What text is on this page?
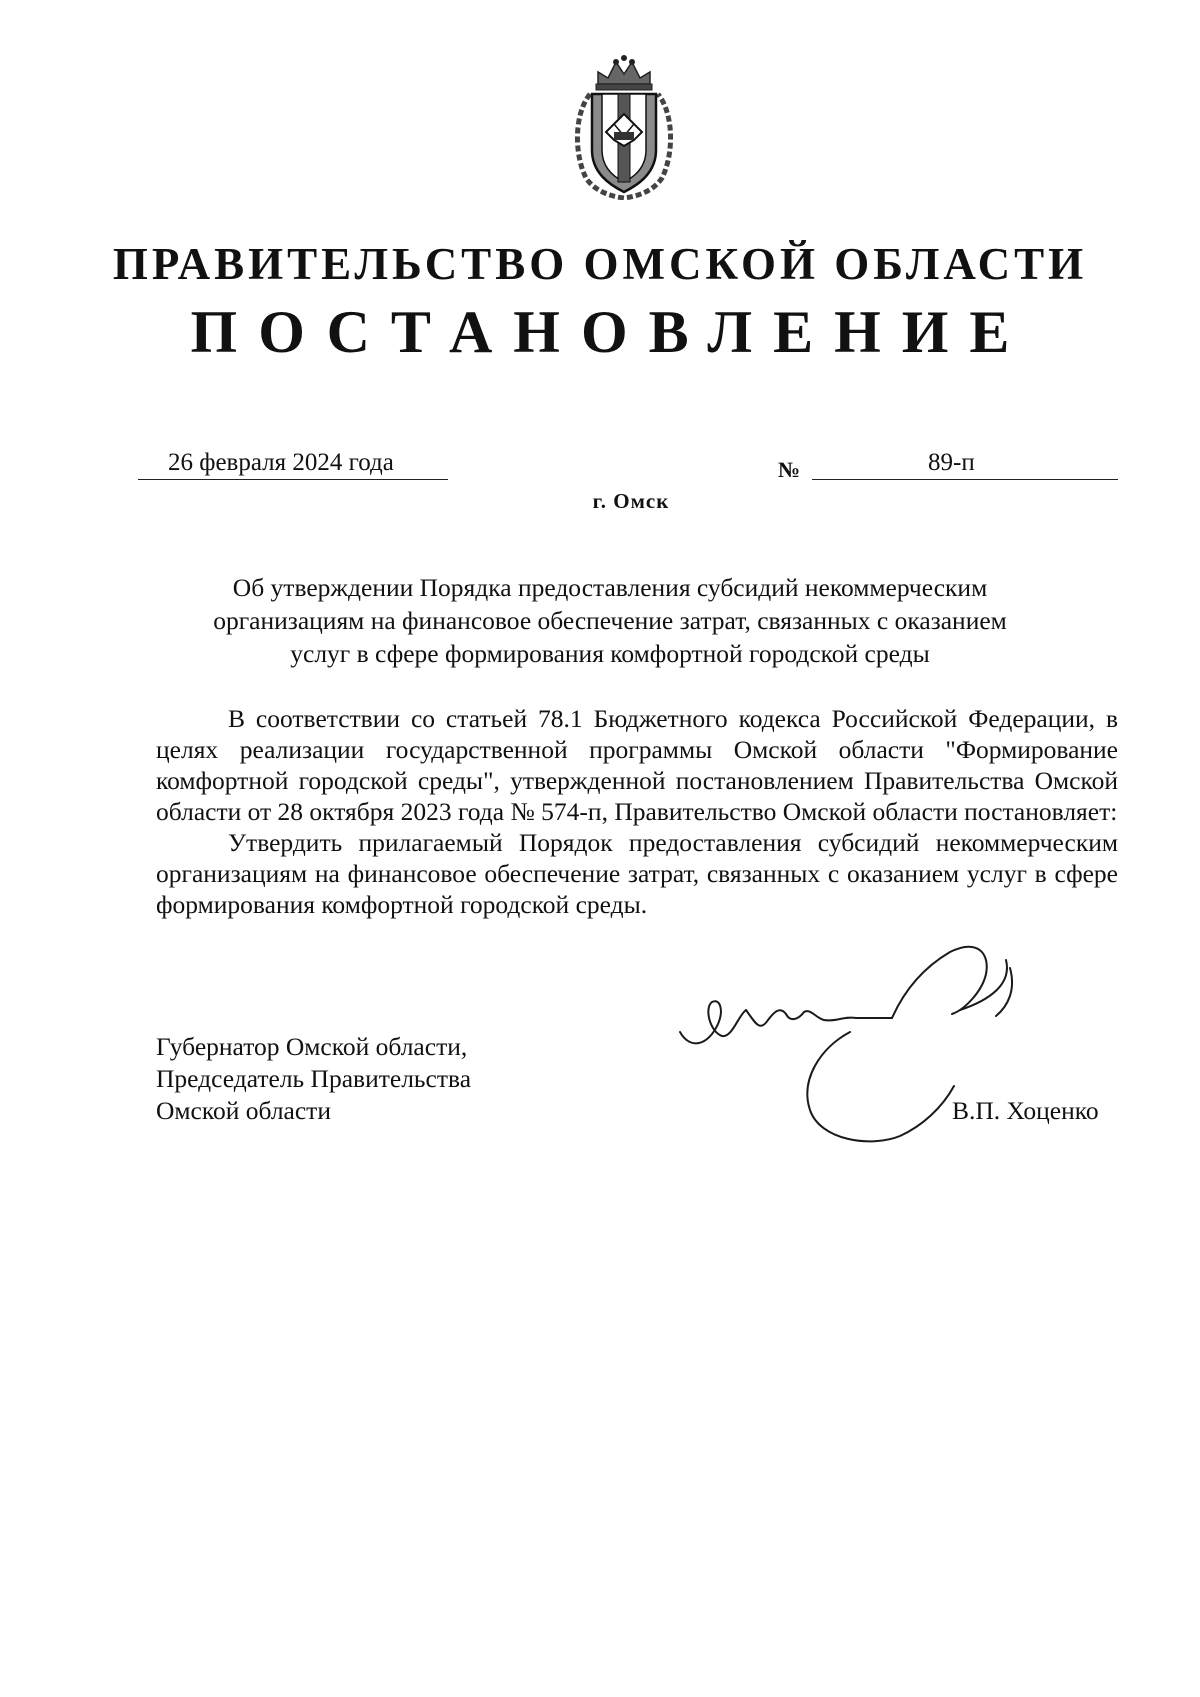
ПРАВИТЕЛЬСТВО ОМСКОЙ ОБЛАСТИ
ПОСТАНОВЛЕНИЕ
26 февраля 2024 года	№	89-п
г. Омск
Об утверждении Порядка предоставления субсидий некоммерческим организациям на финансовое обеспечение затрат, связанных с оказанием услуг в сфере формирования комфортной городской среды

В соответствии со статьей 78.1 Бюджетного кодекса Российской Федерации, в целях реализации государственной программы Омской области "Формирование комфортной городской среды", утвержденной постановлением Правительства Омской области от 28 октября 2023 года № 574-п, Правительство Омской области постановляет:

Утвердить прилагаемый Порядок предоставления субсидий некоммерческим организациям на финансовое обеспечение затрат, связанных с оказанием услуг в сфере формирования комфортной городской среды.

Губернатор Омской области,
Председатель Правительства
Омской области	В.П. Хоценко
